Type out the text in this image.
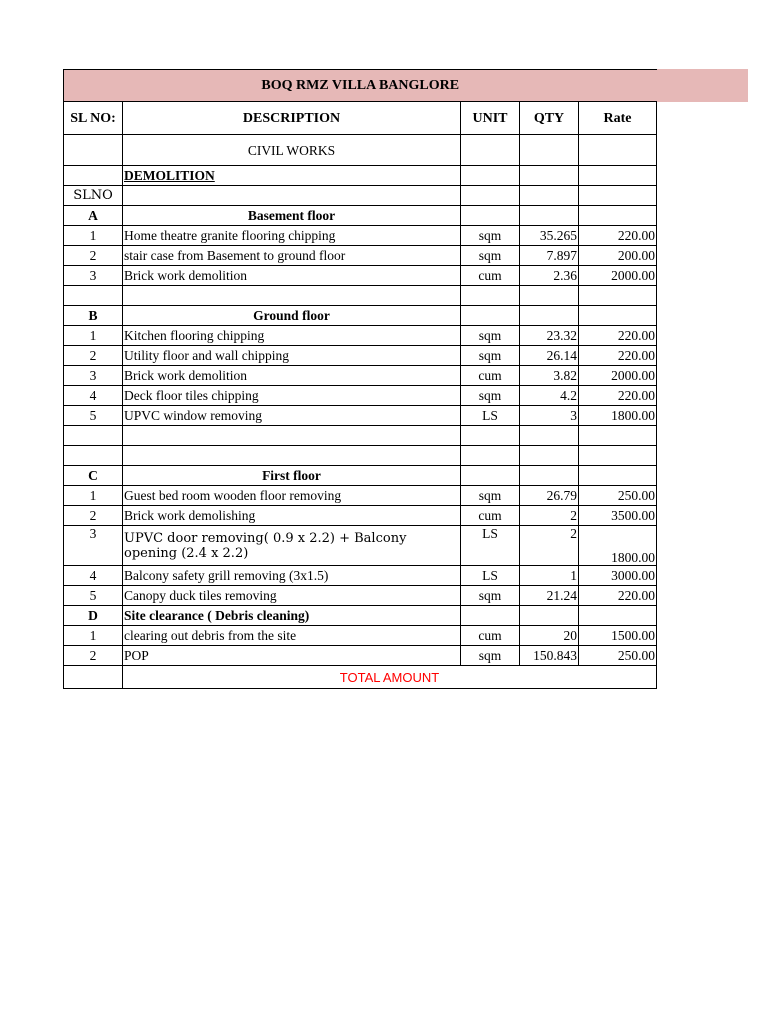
BOQ RMZ VILLA BANGLORE				
SL NO:	DESCRIPTION	UNIT	QTY	Rate
	CIVIL WORKS			
	DEMOLITION			
SLNO				
A	Basement floor			
1	Home theatre granite flooring chipping	sqm	35.265	220.00
2	stair case from Basement to ground floor	sqm	7.897	200.00
3	Brick work demolition	cum	2.36	2000.00

B	Ground floor			
1	Kitchen flooring chipping	sqm	23.32	220.00
2	Utility floor and wall chipping	sqm	26.14	220.00
3	Brick work demolition	cum	3.82	2000.00
4	Deck floor tiles chipping	sqm	4.2	220.00
5	UPVC window removing	LS	3	1800.00

C	First floor			
1	Guest bed room wooden floor removing	sqm	26.79	250.00
2	Brick work demolishing	cum	2	3500.00
3	UPVC door removing( 0.9 x 2.2) + Balcony opening (2.4 x 2.2)	LS	2	1800.00
4	Balcony safety grill removing (3x1.5)	LS	1	3000.00
5	Canopy duck tiles removing	sqm	21.24	220.00
D	Site clearance ( Debris cleaning)			
1	clearing out debris from the site	cum	20	1500.00
2	POP	sqm	150.843	250.00
	TOTAL AMOUNT			
